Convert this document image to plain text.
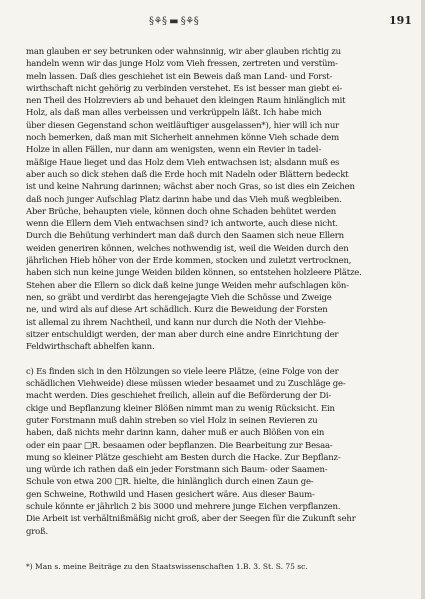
§⚘§ ▬ §⚘§	191
man glauben er sey betrunken oder wahnsinnig, wir aber glauben richtig zu
handeln wenn wir das junge Holz vom Vieh fressen, zertreten und verstüm-
meln lassen. Daß dies geschiehet ist ein Beweis daß man Land- und Forst-
wirthschaft nicht gehörig zu verbinden verstehet. Es ist besser man giebt ei-
nen Theil des Holzreviers ab und behauet den kleingen Raum hinlänglich mit
Holz, als daß man alles verbeissen und verkrüppeln läßt. Ich habe mich
über diesen Gegenstand schon weitläuftiger ausgelassen*), hier will ich nur
noch bemerken, daß man mit Sicherheit annehmen könne Vieh schade dem
Holze in allen Fällen, nur dann am wenigsten, wenn ein Revier in tadel-
mäßige Haue lieget und das Holz dem Vieh entwachsen ist; alsdann muß es
aber auch so dick stehen daß die Erde hoch mit Nadeln oder Blättern bedeckt
ist und keine Nahrung darinnen; wächst aber noch Gras, so ist dies ein Zeichen
daß noch junger Aufschlag Platz darinn habe und das Vieh muß wegbleiben.
Aber Brüche, behaupten viele, können doch ohne Schaden behütet werden
wenn die Ellern dem Vieh entwachsen sind? ich antworte, auch diese nicht.
Durch die Behütung verhindert man daß durch den Saamen sich neue Ellern
weiden generiren können, welches nothwendig ist, weil die Weiden durch den
jährlichen Hieb höher von der Erde kommen, stocken und zuletzt vertrocknen,
haben sich nun keine junge Weiden bilden können, so entstehen holzleere Plätze.
Stehen aber die Ellern so dick daß keine junge Weiden mehr aufschlagen kön-
nen, so gräbt und verdirbt das herengejagte Vieh die Schösse und Zweige
ne, und wird als auf diese Art schädlich. Kurz die Beweidung der Forsten
ist allemal zu ihrem Nachtheil, und kann nur durch die Noth der Viehbe-
sitzer entschuldigt werden, der man aber durch eine andre Einrichtung der
Feldwirthschaft abhelfen kann.
c) Es finden sich in den Hölzungen so viele leere Plätze, (eine Folge von der
schädlichen Viehweide) diese müssen wieder besaamet und zu Zuschläge ge-
macht werden. Dies geschiehet freilich, allein auf die Beförderung der Di-
ckige und Bepflanzung kleiner Blößen nimmt man zu wenig Rücksicht. Ein
guter Forstmann muß dahin streben so viel Holz in seinen Revieren zu
haben, daß nichts mehr darinn kann, daher muß er auch Blößen von ein
oder ein paar □R. besaamen oder bepflanzen. Die Bearbeitung zur Besaa-
mung so kleiner Plätze geschieht am Besten durch die Hacke. Zur Bepflanz-
ung würde ich rathen daß ein jeder Forstmann sich Baum- oder Saamen-
Schule von etwa 200 □R. hielte, die hinlänglich durch einen Zaun ge-
gen Schweine, Rothwild und Hasen gesichert wäre. Aus dieser Baum-
schule könnte er jährlich 2 bis 3000 und mehrere junge Eichen verpflanzen.
Die Arbeit ist verhältnißmäßig nicht groß, aber der Seegen für die Zukunft sehr
groß.
*) Man s. meine Beiträge zu den Staatswissenschaften 1.B. 3. St. S. 75 sc.
